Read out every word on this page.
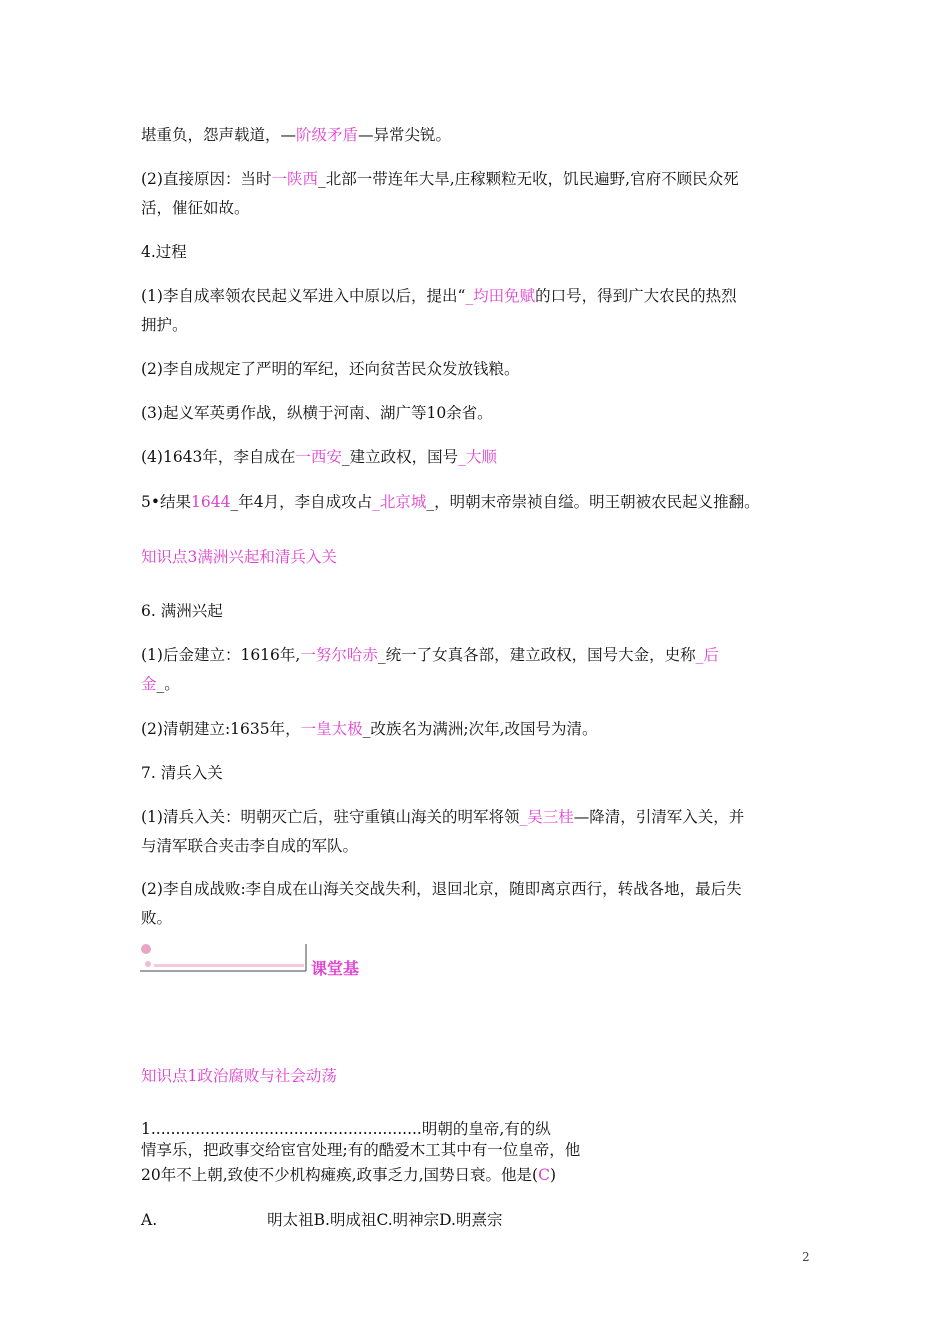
堪重负，怨声载道，—阶级矛盾—异常尖锐。
(2)直接原因：当时一陕西_北部一带连年大旱,庄稼颗粒无收，饥民遍野,官府不顾民众死
活，催征如故。
4.过程
(1)李自成率领农民起义军进入中原以后，提出“_均田免赋的口号，得到广大农民的热烈
拥护。
(2)李自成规定了严明的军纪，还向贫苦民众发放钱粮。
(3)起义军英勇作战，纵横于河南、湖广等10余省。
(4)1643年，李自成在一西安_建立政权，国号_大顺
5•结果1644_年4月，李自成攻占_北京城_，明朝末帝崇祯自缢。明王朝被农民起义推翻。
知识点3满洲兴起和清兵入关
6. 满洲兴起
(1)后金建立：1616年,一努尔哈赤_统一了女真各部，建立政权，国号大金，史称_后
金_。
(2)清朝建立:1635年，一皇太极_改族名为满洲;次年,改国号为清。
7. 清兵入关
(1)清兵入关：明朝灭亡后，驻守重镇山海关的明军将领_吴三桂—降清，引清军入关，并
与清军联合夹击李自成的军队。
(2)李自成战败:李自成在山海关交战失利，退回北京，随即离京西行，转战各地，最后失
败。
课堂基
知识点1政治腐败与社会动荡
1.......................................................明朝的皇帝,有的纵
情享乐，把政事交给宦官处理;有的酷爱木工其中有一位皇帝，他
20年不上朝,致使不少机构瘫痪,政事乏力,国势日衰。他是(C)
A.	明太祖B.明成祖C.明神宗D.明熹宗
2
